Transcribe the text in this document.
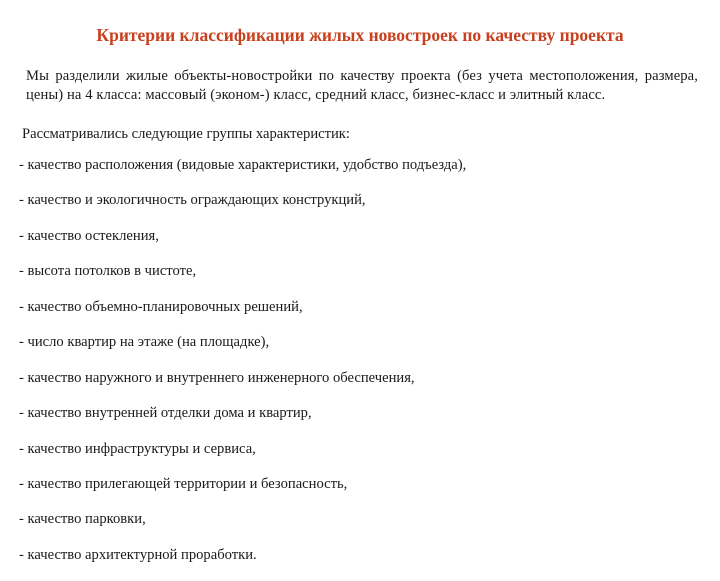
Критерии классификации жилых новостроек по качеству проекта
Мы разделили жилые объекты-новостройки по качеству проекта (без учета местоположения, размера, цены) на 4 класса: массовый (эконом-) класс, средний класс, бизнес-класс и элитный класс.
Рассматривались следующие группы характеристик:
- качество расположения (видовые характеристики, удобство подъезда),
- качество и экологичность ограждающих конструкций,
- качество остекления,
- высота потолков в чистоте,
- качество объемно-планировочных решений,
- число квартир на этаже (на площадке),
- качество наружного и внутреннего инженерного обеспечения,
- качество внутренней отделки дома и квартир,
- качество инфраструктуры и сервиса,
- качество прилегающей территории и безопасность,
- качество парковки,
- качество архитектурной проработки.
